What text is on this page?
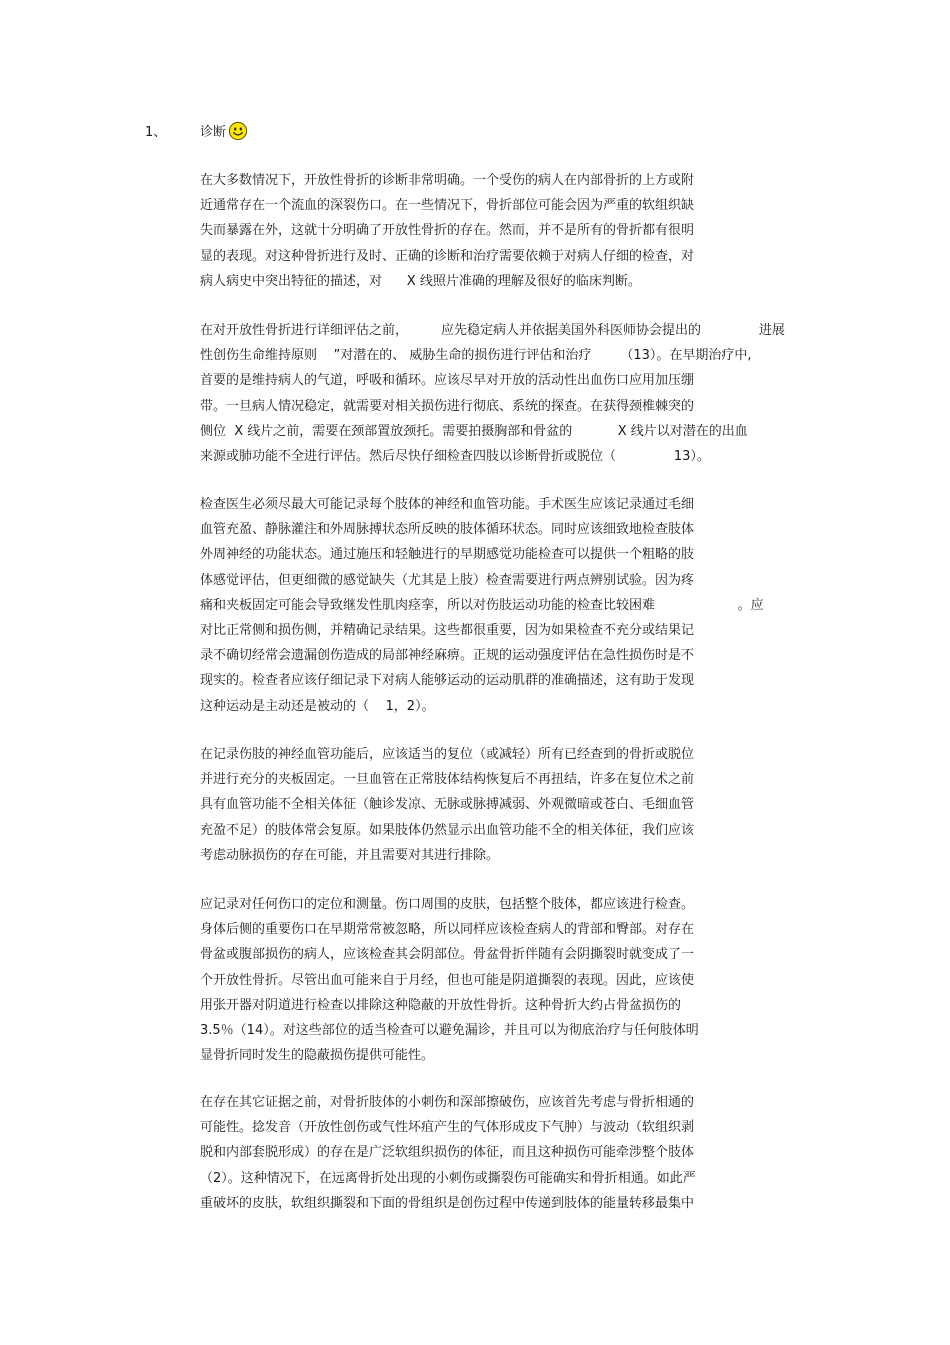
1、	诊断
在大多数情况下，开放性骨折的诊断非常明确。一个受伤的病人在内部骨折的上方或附
近通常存在一个流血的深裂伤口。在一些情况下，骨折部位可能会因为严重的软组织缺
失而暴露在外，这就十分明确了开放性骨折的存在。然而，并不是所有的骨折都有很明
显的表现。对这种骨折进行及时、正确的诊断和治疗需要依赖于对病人仔细的检查，对
病人病史中突出特征的描述，对      X 线照片准确的理解及很好的临床判断。
在对开放性骨折进行详细评估之前，        应先稳定病人并依据美国外科医师协会提出的              进展
性创伤生命维持原则    ”对潜在的、 威胁生命的损伤进行评估和治疗       （13）。在早期治疗中,
首要的是维持病人的气道，呼吸和循环。应该尽早对开放的活动性出血伤口应用加压绷
带。一旦病人情况稳定，就需要对相关损伤进行彻底、系统的探查。在获得颈椎棘突的
侧位  X 线片之前，需要在颈部置放颈托。需要拍摄胸部和骨盆的           X 线片以对潜在的出血
来源或肺功能不全进行评估。然后尽快仔细检查四肢以诊断骨折或脱位（              13）。
检查医生必须尽最大可能记录每个肢体的神经和血管功能。手术医生应该记录通过毛细
血管充盈、静脉灌注和外周脉搏状态所反映的肢体循环状态。同时应该细致地检查肢体
外周神经的功能状态。通过施压和轻触进行的早期感觉功能检查可以提供一个粗略的肢
体感觉评估，但更细微的感觉缺失（尤其是上肢）检查需要进行两点辨别试验。因为疼
痛和夹板固定可能会导致继发性肌肉痉挛，所以对伤肢运动功能的检查比较困难                    。应
对比正常侧和损伤侧，并精确记录结果。这些都很重要，因为如果检查不充分或结果记
录不确切经常会遗漏创伤造成的局部神经麻痹。正规的运动强度评估在急性损伤时是不
现实的。检查者应该仔细记录下对病人能够运动的运动肌群的准确描述，这有助于发现
这种运动是主动还是被动的（    1，2）。
在记录伤肢的神经血管功能后，应该适当的复位（或减轻）所有已经查到的骨折或脱位
并进行充分的夹板固定。一旦血管在正常肢体结构恢复后不再扭结，许多在复位术之前
具有血管功能不全相关体征（触诊发凉、无脉或脉搏减弱、外观微暗或苍白、毛细血管
充盈不足）的肢体常会复原。如果肢体仍然显示出血管功能不全的相关体征，我们应该
考虑动脉损伤的存在可能，并且需要对其进行排除。
应记录对任何伤口的定位和测量。伤口周围的皮肤，包括整个肢体，都应该进行检查。
身体后侧的重要伤口在早期常常被忽略，所以同样应该检查病人的背部和臀部。对存在
骨盆或腹部损伤的病人，应该检查其会阴部位。骨盆骨折伴随有会阴撕裂时就变成了一
个开放性骨折。尽管出血可能来自于月经，但也可能是阴道撕裂的表现。因此，应该使
用张开器对阴道进行检查以排除这种隐蔽的开放性骨折。这种骨折大约占骨盆损伤的
3.5％（14）。对这些部位的适当检查可以避免漏诊，并且可以为彻底治疗与任何肢体明
显骨折同时发生的隐蔽损伤提供可能性。
在存在其它证据之前，对骨折肢体的小刺伤和深部擦破伤，应该首先考虑与骨折相通的
可能性。捻发音（开放性创伤或气性坏疽产生的气体形成皮下气肿）与波动（软组织剥
脱和内部套脱形成）的存在是广泛软组织损伤的体征，而且这种损伤可能牵涉整个肢体
（2）。这种情况下，在远离骨折处出现的小刺伤或撕裂伤可能确实和骨折相通。如此严
重破坏的皮肤，软组织撕裂和下面的骨组织是创伤过程中传递到肢体的能量转移最集中
